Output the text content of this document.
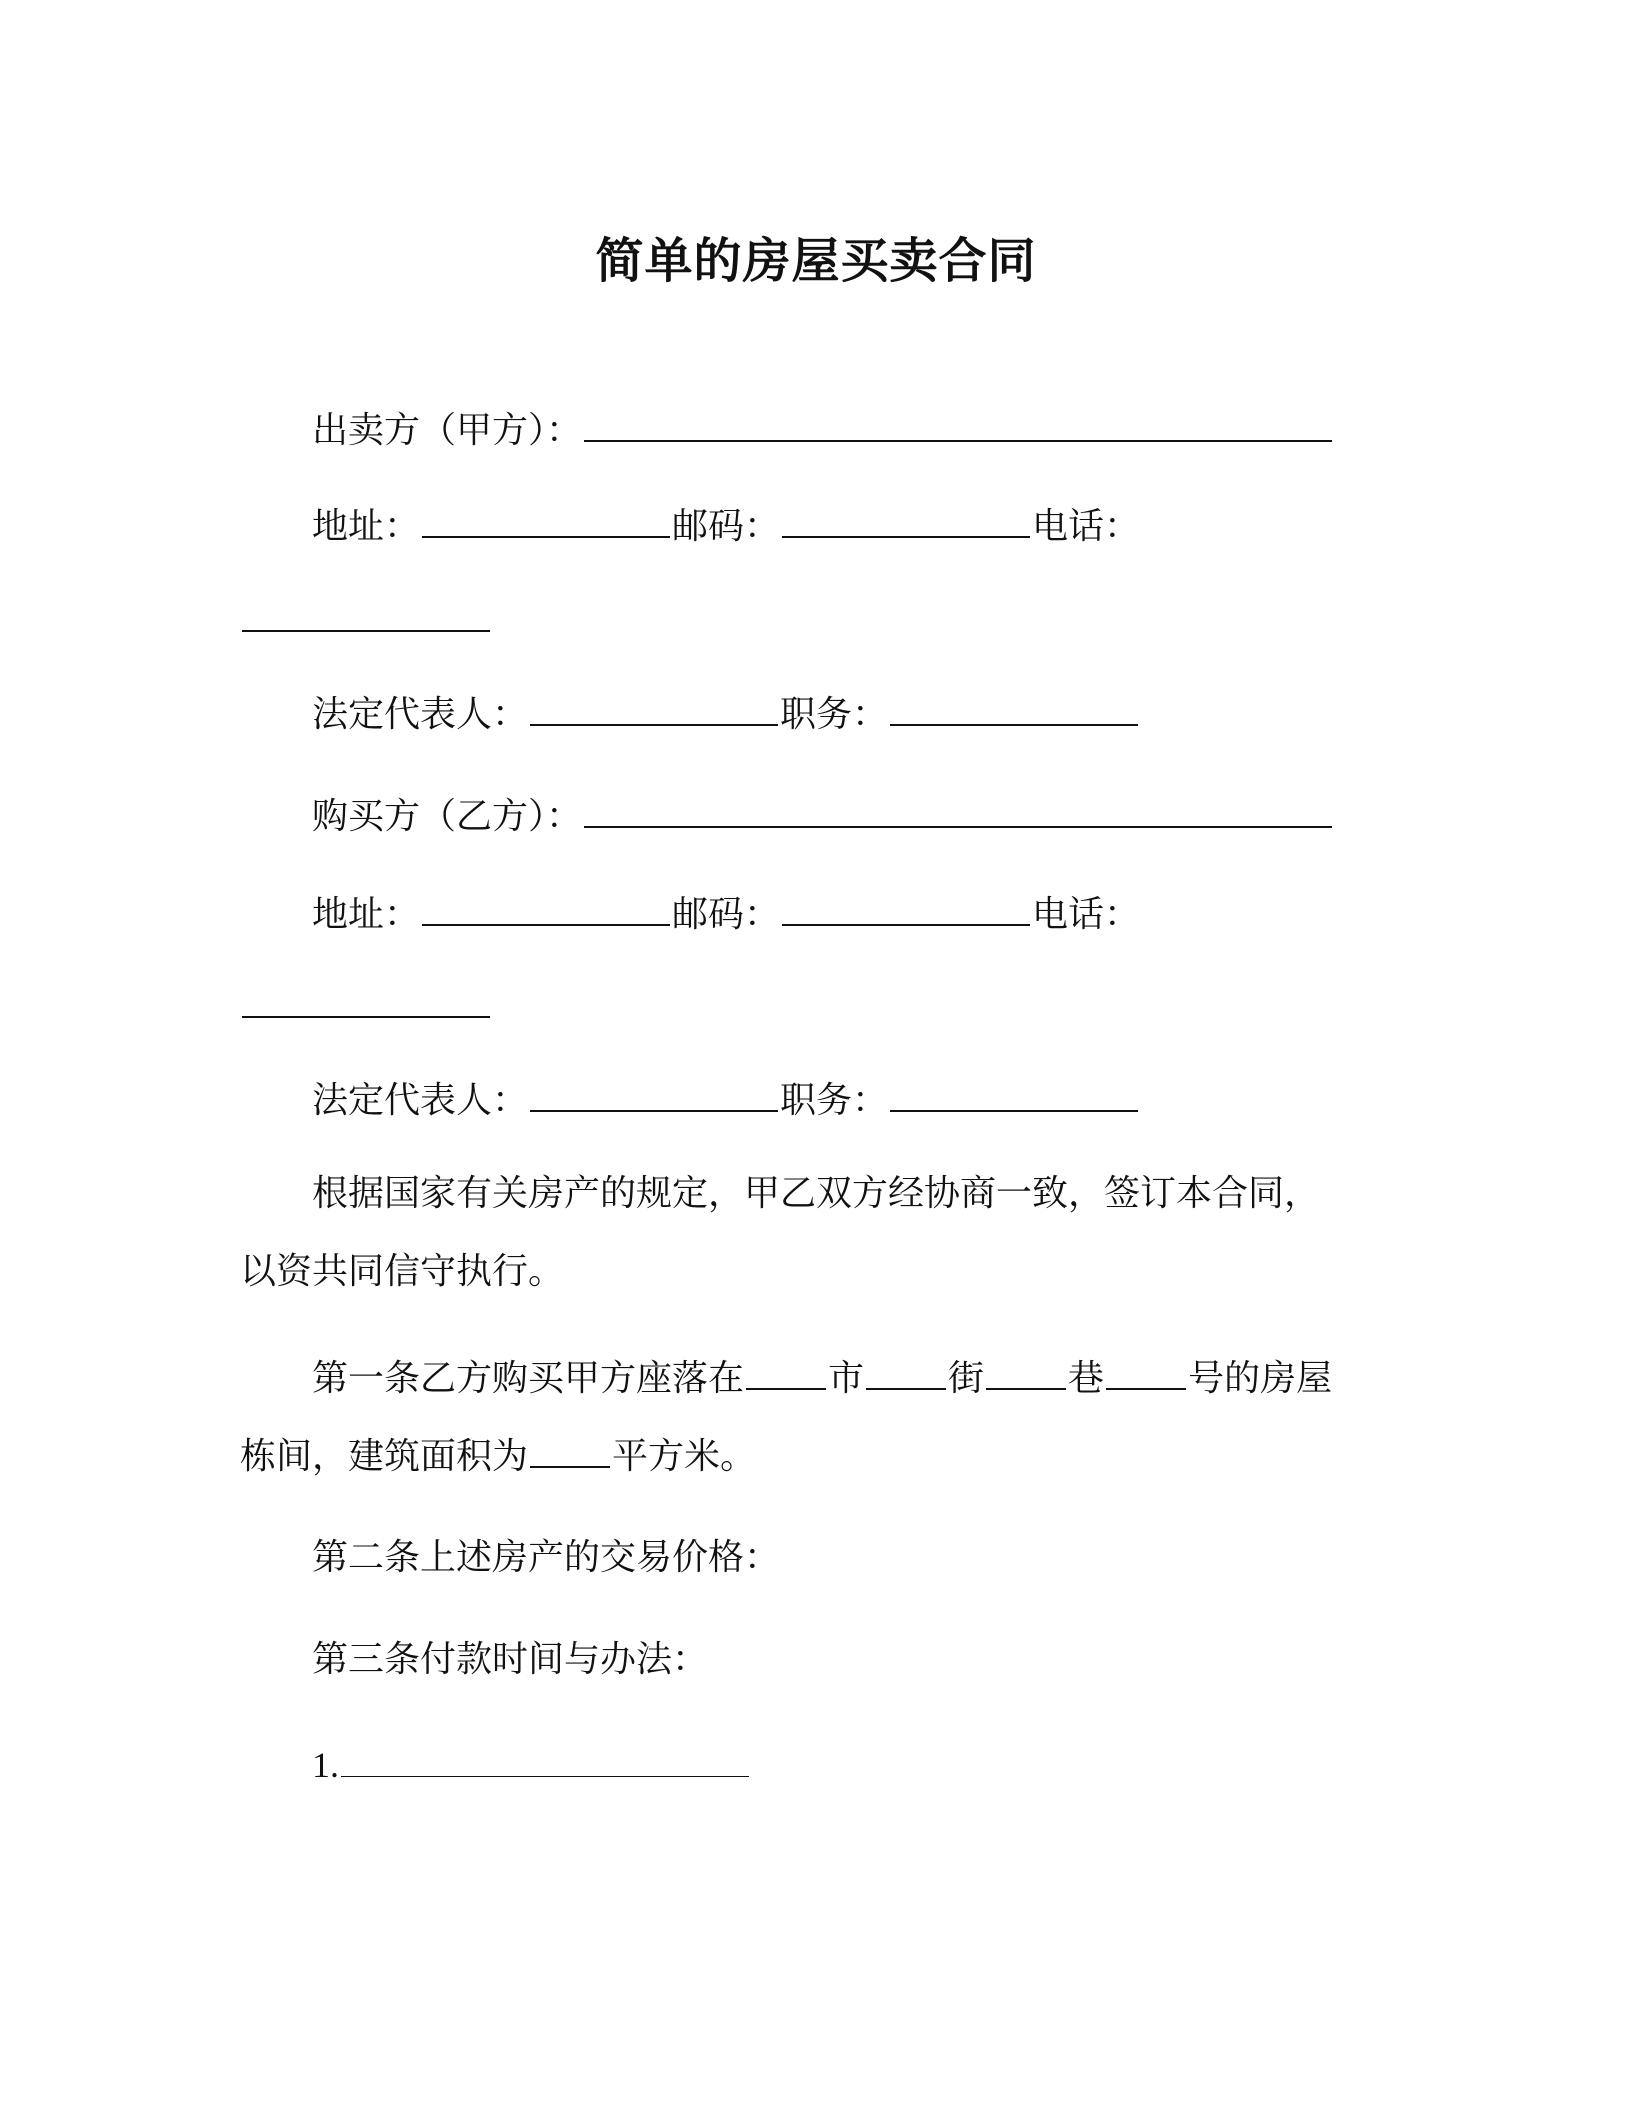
简单的房屋买卖合同
出卖方（甲方）：
地址：	邮码：	电话：
法定代表人：	职务：
购买方（乙方）：
地址：	邮码：	电话：
法定代表人：	职务：
根据国家有关房产的规定，甲乙双方经协商一致，签订本合同，
以资共同信守执行。
第一条乙方购买甲方座落在 市 街 巷 号的房屋
栋间，建筑面积为 平方米。
第二条上述房产的交易价格：
第三条付款时间与办法：
1.
